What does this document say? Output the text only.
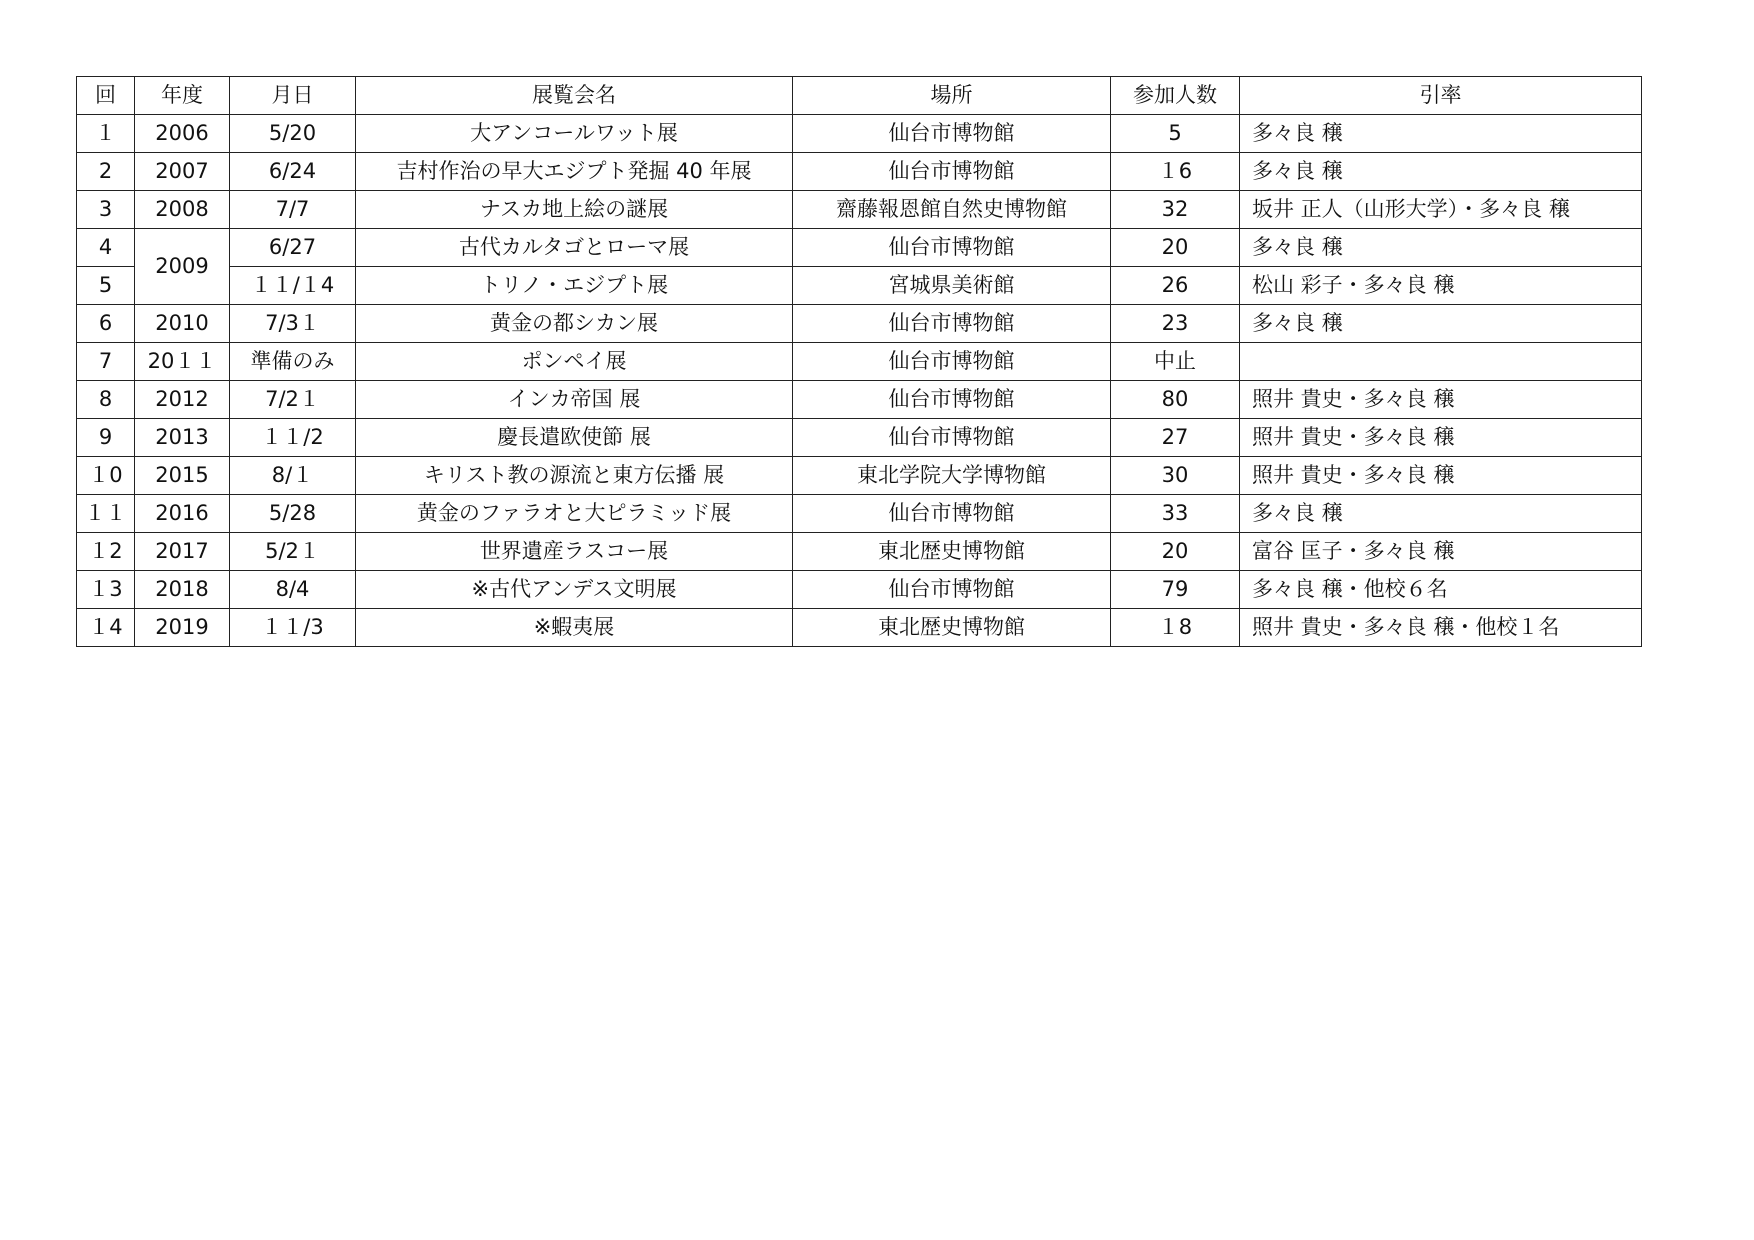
回	年度	月日	展覧会名	場所	参加人数	引率
１	2006	5/20	大アンコールワット展	仙台市博物館	5	多々良 穣
2	2007	6/24	吉村作治の早大エジプト発掘 40 年展	仙台市博物館	１6	多々良 穣
3	2008	7/7	ナスカ地上絵の謎展	齋藤報恩館自然史博物館	32	坂井 正人（山形大学）・多々良 穣
4	2009	6/27	古代カルタゴとローマ展	仙台市博物館	20	多々良 穣
5		１１/１4	トリノ・エジプト展	宮城県美術館	26	松山 彩子・多々良 穣
6	2010	7/3１	黄金の都シカン展	仙台市博物館	23	多々良 穣
7	20１１	準備のみ	ポンペイ展	仙台市博物館	中止	
8	2012	7/2１	インカ帝国 展	仙台市博物館	80	照井 貴史・多々良 穣
9	2013	１１/2	慶長遣欧使節 展	仙台市博物館	27	照井 貴史・多々良 穣
１0	2015	8/１	キリスト教の源流と東方伝播 展	東北学院大学博物館	30	照井 貴史・多々良 穣
１１	2016	5/28	黄金のファラオと大ピラミッド展	仙台市博物館	33	多々良 穣
１2	2017	5/2１	世界遺産ラスコー展	東北歴史博物館	20	富谷 匡子・多々良 穣
１3	2018	8/4	※古代アンデス文明展	仙台市博物館	79	多々良 穣・他校６名
１4	2019	１１/3	※蝦夷展	東北歴史博物館	１8	照井 貴史・多々良 穣・他校１名
